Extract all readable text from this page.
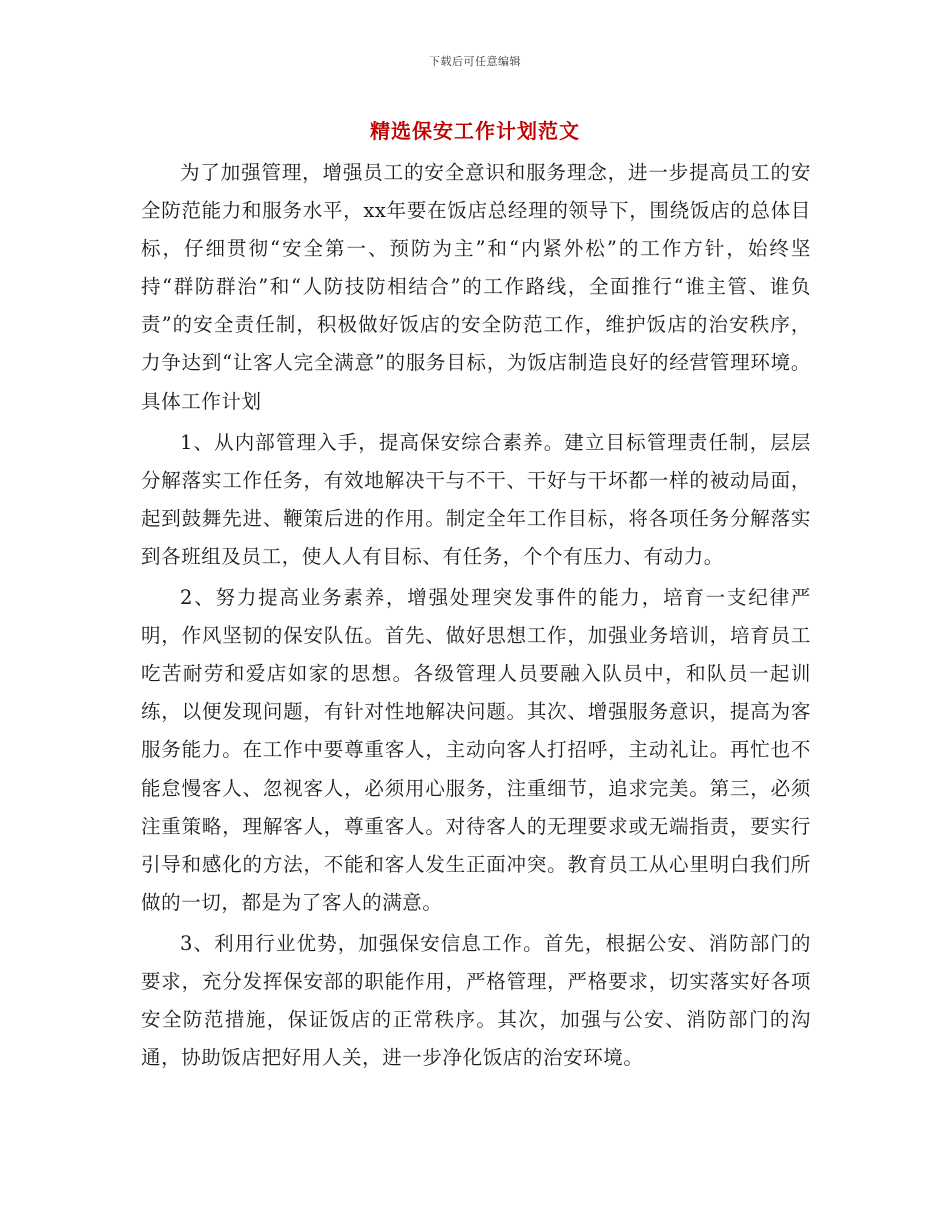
下载后可任意编辑
精选保安工作计划范文

为了加强管理，增强员工的安全意识和服务理念，进一步提高员工的安全防范能力和服务水平，xx年要在饭店总经理的领导下，围绕饭店的总体目标，仔细贯彻“安全第一、预防为主”和“内紧外松”的工作方针，始终坚持“群防群治”和“人防技防相结合”的工作路线，全面推行“谁主管、谁负责”的安全责任制，积极做好饭店的安全防范工作，维护饭店的治安秩序，力争达到“让客人完全满意”的服务目标，为饭店制造良好的经营管理环境。具体工作计划

1、从内部管理入手，提高保安综合素养。建立目标管理责任制，层层分解落实工作任务，有效地解决干与不干、干好与干坏都一样的被动局面，起到鼓舞先进、鞭策后进的作用。制定全年工作目标，将各项任务分解落实到各班组及员工，使人人有目标、有任务，个个有压力、有动力。

2、努力提高业务素养，增强处理突发事件的能力，培育一支纪律严明，作风坚韧的保安队伍。首先、做好思想工作，加强业务培训，培育员工吃苦耐劳和爱店如家的思想。各级管理人员要融入队员中，和队员一起训练，以便发现问题，有针对性地解决问题。其次、增强服务意识，提高为客服务能力。在工作中要尊重客人，主动向客人打招呼，主动礼让。再忙也不能怠慢客人、忽视客人，必须用心服务，注重细节，追求完美。第三，必须注重策略，理解客人，尊重客人。对待客人的无理要求或无端指责，要实行引导和感化的方法，不能和客人发生正面冲突。教育员工从心里明白我们所做的一切，都是为了客人的满意。

3、利用行业优势，加强保安信息工作。首先，根据公安、消防部门的要求，充分发挥保安部的职能作用，严格管理，严格要求，切实落实好各项安全防范措施，保证饭店的正常秩序。其次，加强与公安、消防部门的沟通，协助饭店把好用人关，进一步净化饭店的治安环境。
